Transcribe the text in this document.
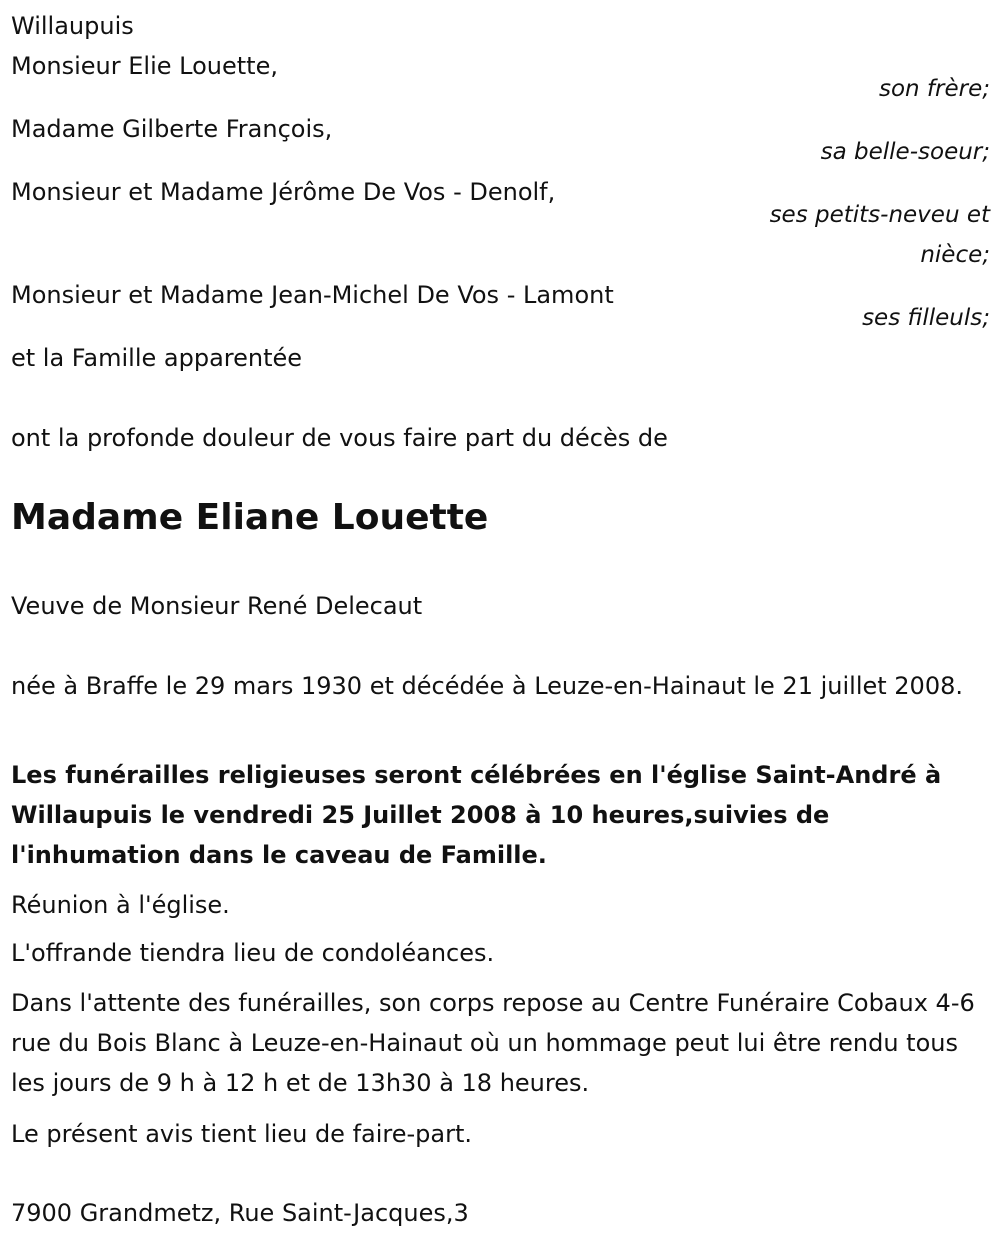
Willaupuis

Monsieur Elie Louette,

son frère;

Madame Gilberte François,

sa belle-soeur;

Monsieur et Madame Jérôme De Vos - Denolf,

ses petits-neveu et

nièce;

Monsieur et Madame Jean-Michel De Vos - Lamont

ses filleuls;

et la Famille apparentée

ont la profonde douleur de vous faire part du décès de

Madame Eliane Louette

Veuve de Monsieur René Delecaut

née à Braffe le 29 mars 1930 et décédée à Leuze-en-Hainaut le 21 juillet 2008.

Les funérailles religieuses seront célébrées en l'église Saint-André à Willaupuis le vendredi 25 Juillet 2008 à 10 heures,suivies de l'inhumation dans le caveau de Famille.

Réunion à l'église.

L'offrande tiendra lieu de condoléances.

Dans l'attente des funérailles, son corps repose au Centre Funéraire Cobaux 4-6 rue du Bois Blanc à Leuze-en-Hainaut où un hommage peut lui être rendu tous les jours de 9 h à 12 h et de 13h30 à 18 heures.

Le présent avis tient lieu de faire-part.

7900 Grandmetz, Rue Saint-Jacques,3
